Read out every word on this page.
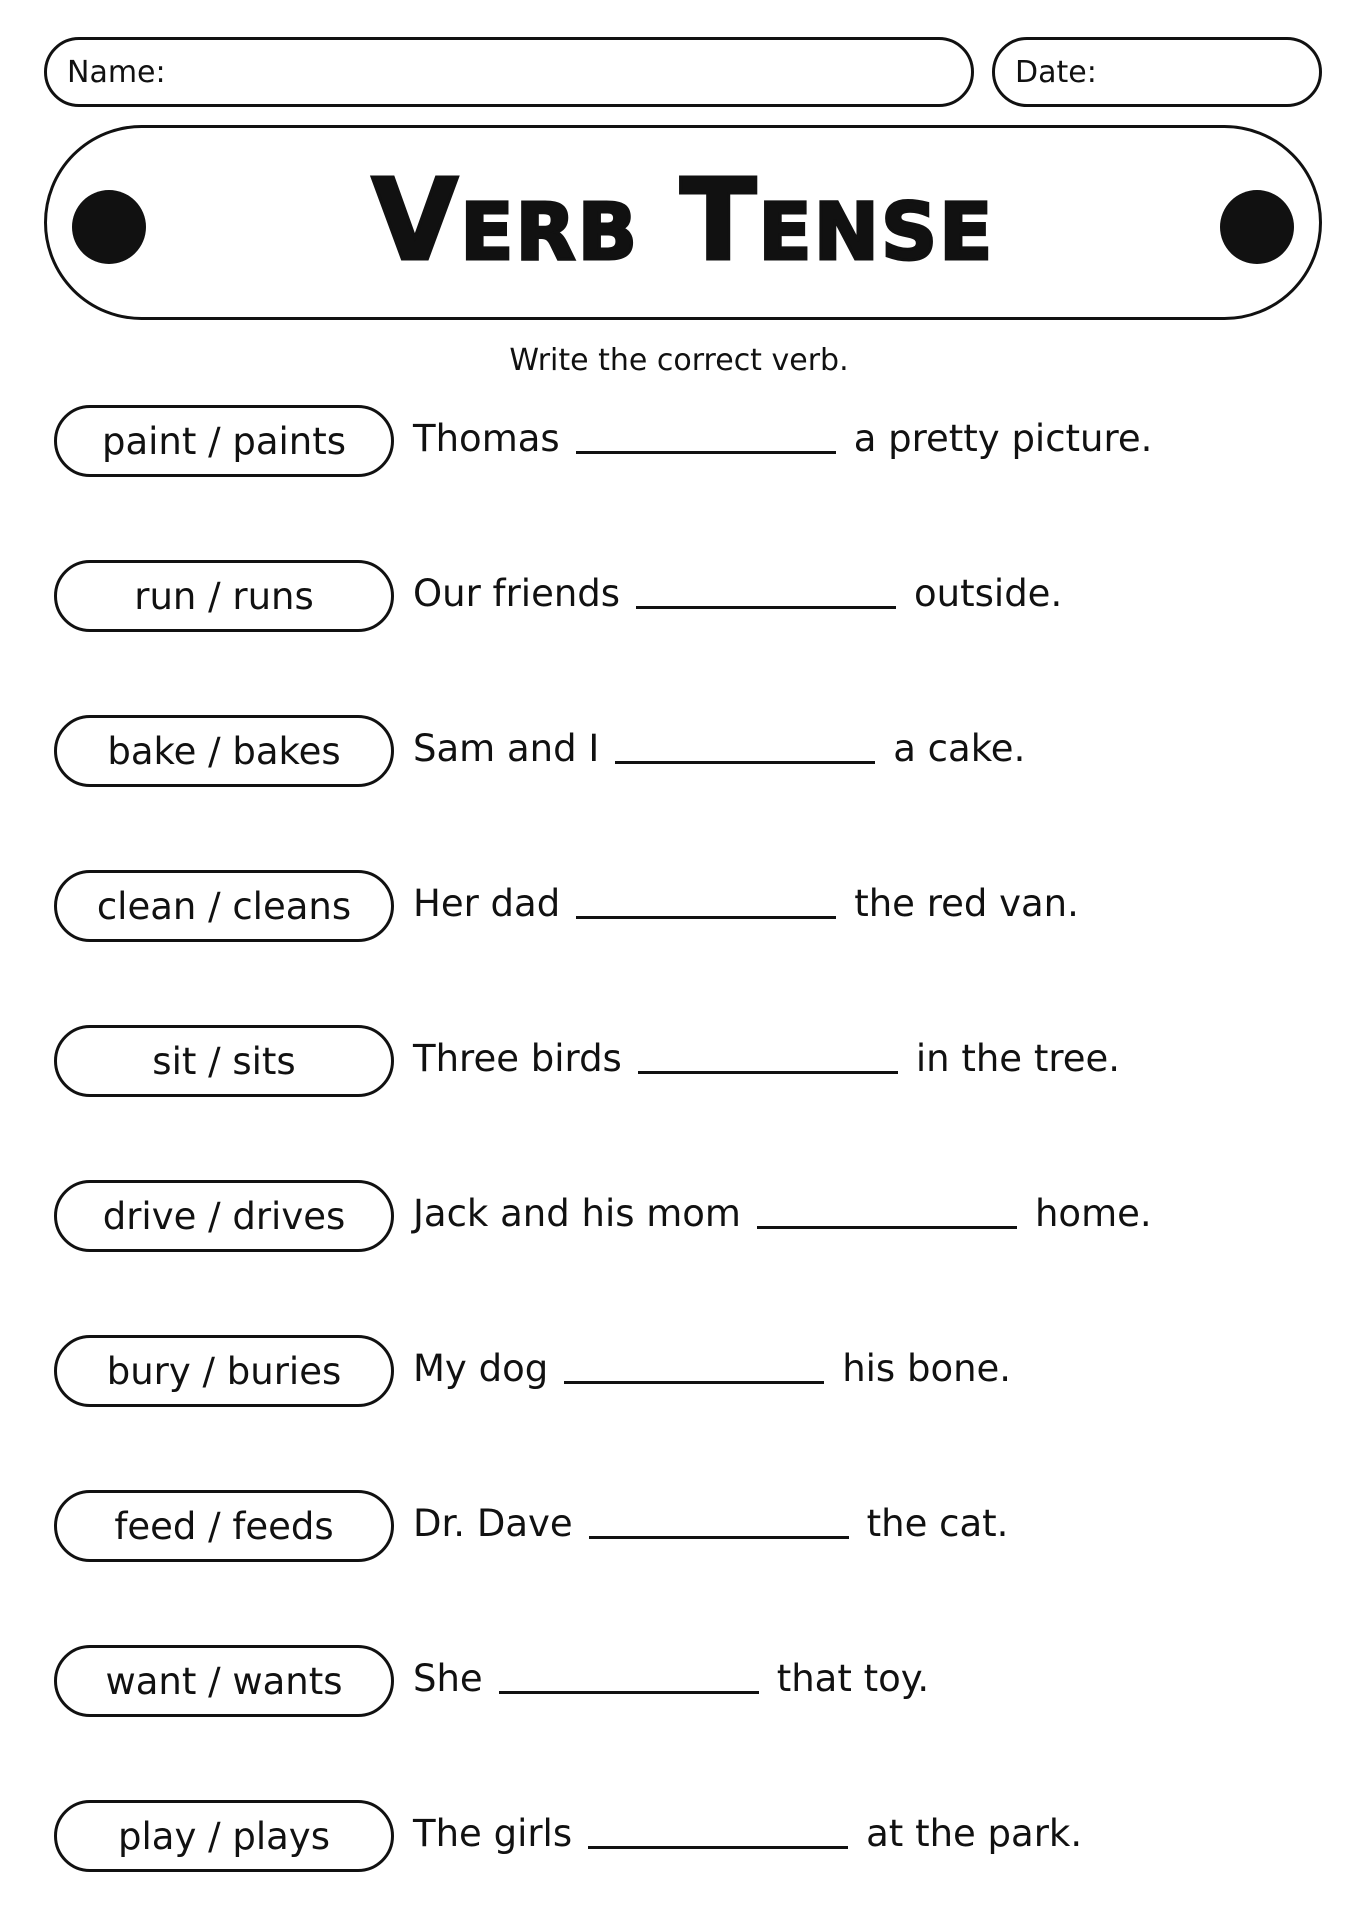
Name:	Date:
Verb Tense
Write the correct verb.
paint / paints	Thomas	a pretty picture.
run / runs	Our friends	outside.
bake / bakes	Sam and I	a cake.
clean / cleans	Her dad	the red van.
sit / sits	Three birds	in the tree.
drive / drives	Jack and his mom	home.
bury / buries	My dog	his bone.
feed / feeds	Dr. Dave	the cat.
want / wants	She	that toy.
play / plays	The girls	at the park.
